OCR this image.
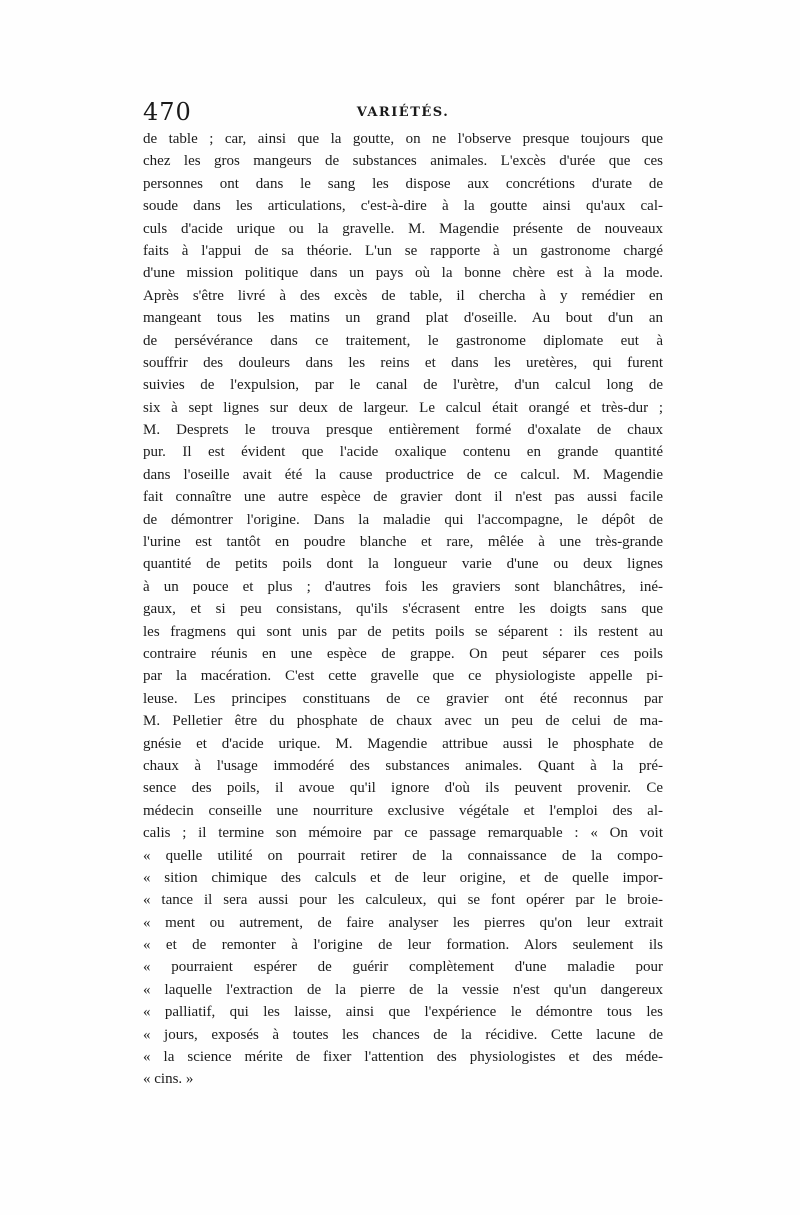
470	VARIÉTÉS.
de table ; car, ainsi que la goutte, on ne l'observe presque toujours que
chez les gros mangeurs de substances animales. L'excès d'urée que ces
personnes ont dans le sang les dispose aux concrétions d'urate de
soude dans les articulations, c'est-à-dire à la goutte ainsi qu'aux cal-
culs d'acide urique ou la gravelle. M. Magendie présente de nouveaux
faits à l'appui de sa théorie. L'un se rapporte à un gastronome chargé
d'une mission politique dans un pays où la bonne chère est à la mode.
Après s'être livré à des excès de table, il chercha à y remédier en
mangeant tous les matins un grand plat d'oseille. Au bout d'un an
de persévérance dans ce traitement, le gastronome diplomate eut à
souffrir des douleurs dans les reins et dans les uretères, qui furent
suivies de l'expulsion, par le canal de l'urètre, d'un calcul long de
six à sept lignes sur deux de largeur. Le calcul était orangé et très-dur ;
M. Desprets le trouva presque entièrement formé d'oxalate de chaux
pur. Il est évident que l'acide oxalique contenu en grande quantité
dans l'oseille avait été la cause productrice de ce calcul. M. Magendie
fait connaître une autre espèce de gravier dont il n'est pas aussi facile
de démontrer l'origine. Dans la maladie qui l'accompagne, le dépôt de
l'urine est tantôt en poudre blanche et rare, mêlée à une très-grande
quantité de petits poils dont la longueur varie d'une ou deux lignes
à un pouce et plus ; d'autres fois les graviers sont blanchâtres, iné-
gaux, et si peu consistans, qu'ils s'écrasent entre les doigts sans que
les fragmens qui sont unis par de petits poils se séparent : ils restent au
contraire réunis en une espèce de grappe. On peut séparer ces poils
par la macération. C'est cette gravelle que ce physiologiste appelle pi-
leuse. Les principes constituans de ce gravier ont été reconnus par
M. Pelletier être du phosphate de chaux avec un peu de celui de ma-
gnésie et d'acide urique. M. Magendie attribue aussi le phosphate de
chaux à l'usage immodéré des substances animales. Quant à la pré-
sence des poils, il avoue qu'il ignore d'où ils peuvent provenir. Ce
médecin conseille une nourriture exclusive végétale et l'emploi des al-
calis ; il termine son mémoire par ce passage remarquable : « On voit
« quelle utilité on pourrait retirer de la connaissance de la compo-
« sition chimique des calculs et de leur origine, et de quelle impor-
« tance il sera aussi pour les calculeux, qui se font opérer par le broie-
« ment ou autrement, de faire analyser les pierres qu'on leur extrait
« et de remonter à l'origine de leur formation. Alors seulement ils
« pourraient espérer de guérir complètement d'une maladie pour
« laquelle l'extraction de la pierre de la vessie n'est qu'un dangereux
« palliatif, qui les laisse, ainsi que l'expérience le démontre tous les
« jours, exposés à toutes les chances de la récidive. Cette lacune de
« la science mérite de fixer l'attention des physiologistes et des méde-
« cins. »
